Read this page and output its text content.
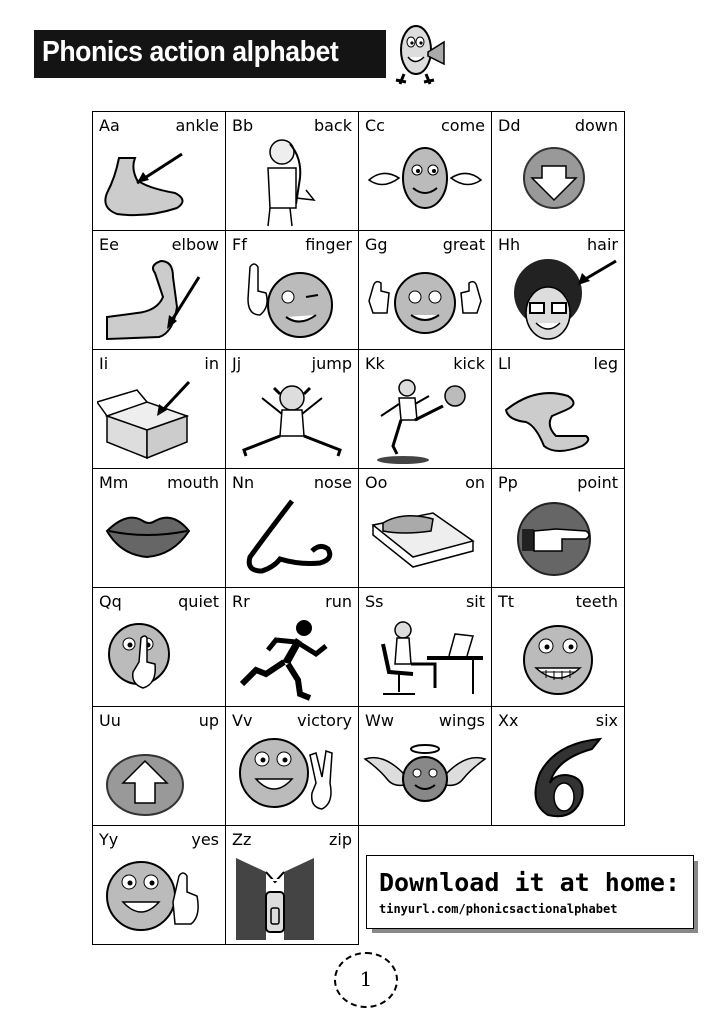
Phonics action alphabet
Aa ankle	Bb back	Cc come	Dd down

Ee elbow	Ff finger	Gg great	Hh hair

Ii in	Jj jump	Kk kick	Ll leg

Mm mouth	Nn nose	Oo on	Pp point

Qq quiet	Rr run	Ss sit	Tt teeth

Uu up	Vv victory	Ww wings	Xx six

Yy yes	Zz zip		

Download it at home:
tinyurl.com/phonicsactionalphabet
1
